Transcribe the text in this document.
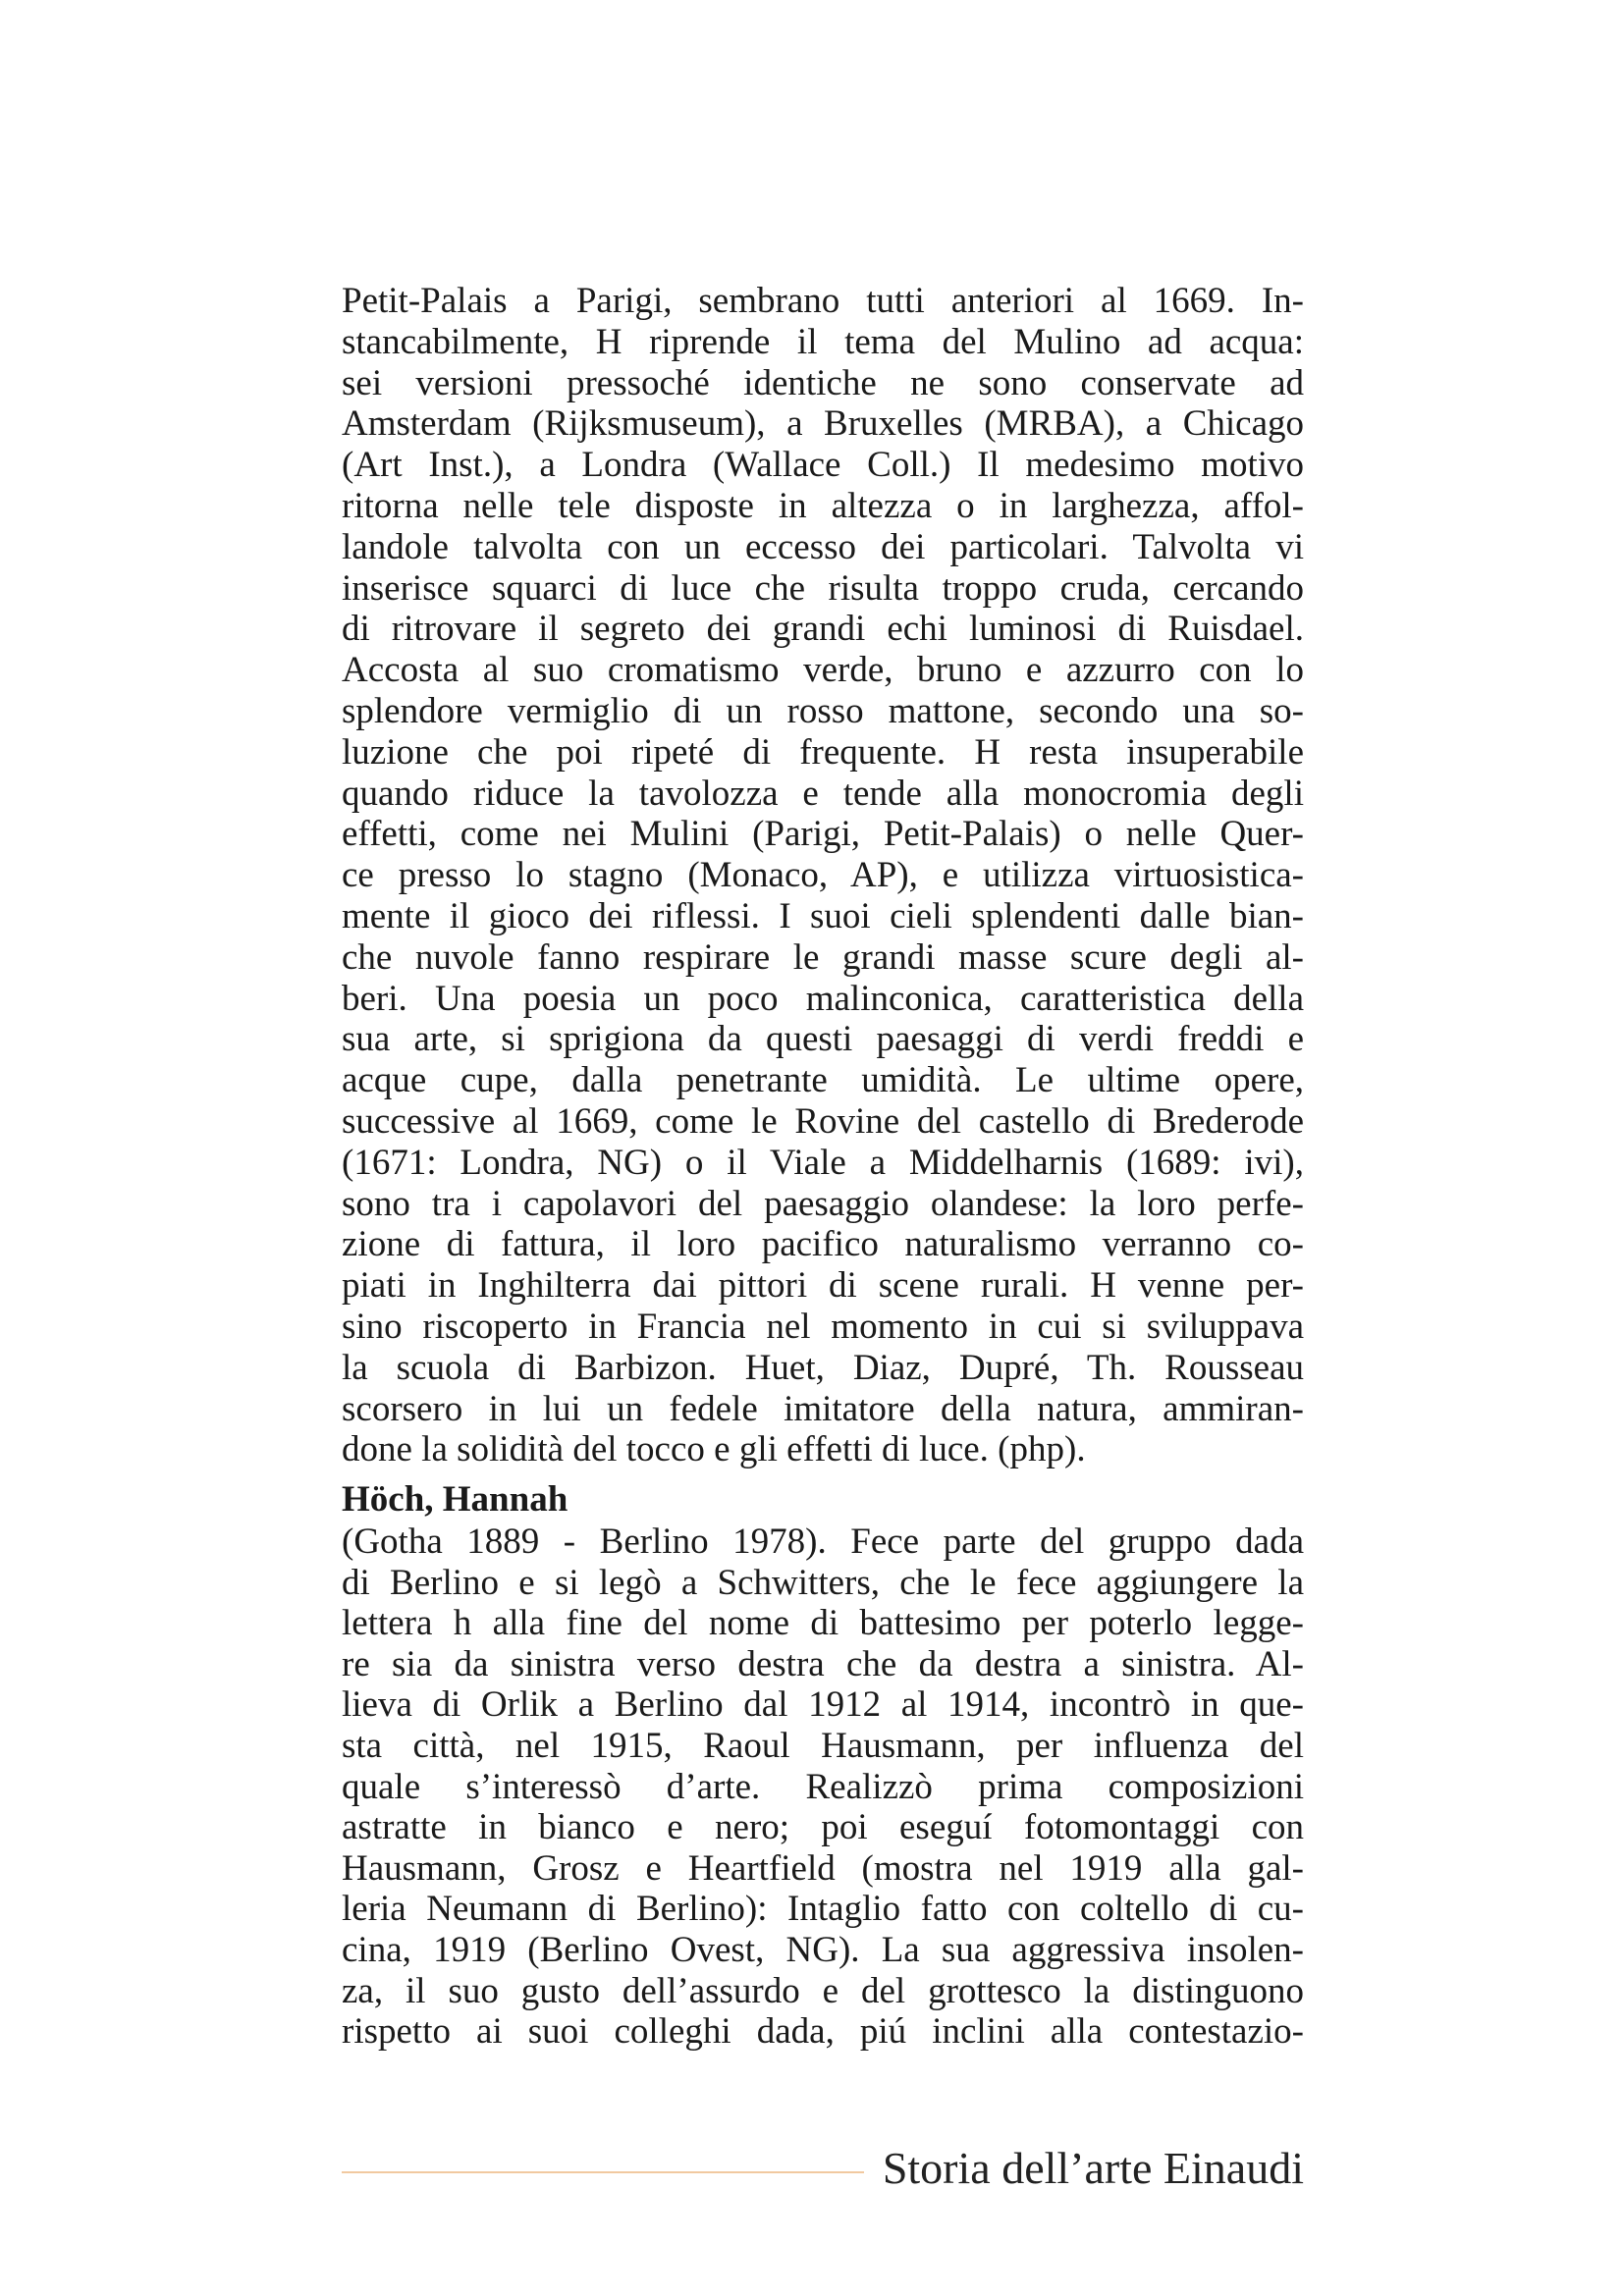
Petit-Palais a Parigi, sembrano tutti anteriori al 1669. In-
stancabilmente, H riprende il tema del Mulino ad acqua:
sei versioni pressoché identiche ne sono conservate ad
Amsterdam (Rijksmuseum), a Bruxelles (MRBA), a Chicago
(Art Inst.), a Londra (Wallace Coll.) Il medesimo motivo
ritorna nelle tele disposte in altezza o in larghezza, affol-
landole talvolta con un eccesso dei particolari. Talvolta vi
inserisce squarci di luce che risulta troppo cruda, cercando
di ritrovare il segreto dei grandi echi luminosi di Ruisdael.
Accosta al suo cromatismo verde, bruno e azzurro con lo
splendore vermiglio di un rosso mattone, secondo una so-
luzione che poi ripeté di frequente. H resta insuperabile
quando riduce la tavolozza e tende alla monocromia degli
effetti, come nei Mulini (Parigi, Petit-Palais) o nelle Quer-
ce presso lo stagno (Monaco, AP), e utilizza virtuosistica-
mente il gioco dei riflessi. I suoi cieli splendenti dalle bian-
che nuvole fanno respirare le grandi masse scure degli al-
beri. Una poesia un poco malinconica, caratteristica della
sua arte, si sprigiona da questi paesaggi di verdi freddi e
acque cupe, dalla penetrante umidità. Le ultime opere,
successive al 1669, come le Rovine del castello di Brederode
(1671: Londra, NG) o il Viale a Middelharnis (1689: ivi),
sono tra i capolavori del paesaggio olandese: la loro perfe-
zione di fattura, il loro pacifico naturalismo verranno co-
piati in Inghilterra dai pittori di scene rurali. H venne per-
sino riscoperto in Francia nel momento in cui si sviluppava
la scuola di Barbizon. Huet, Diaz, Dupré, Th. Rousseau
scorsero in lui un fedele imitatore della natura, ammiran-
done la solidità del tocco e gli effetti di luce. (php).
Höch, Hannah
(Gotha 1889 - Berlino 1978). Fece parte del gruppo dada
di Berlino e si legò a Schwitters, che le fece aggiungere la
lettera h alla fine del nome di battesimo per poterlo legge-
re sia da sinistra verso destra che da destra a sinistra. Al-
lieva di Orlik a Berlino dal 1912 al 1914, incontrò in que-
sta città, nel 1915, Raoul Hausmann, per influenza del
quale s’interessò d’arte. Realizzò prima composizioni
astratte in bianco e nero; poi eseguí fotomontaggi con
Hausmann, Grosz e Heartfield (mostra nel 1919 alla gal-
leria Neumann di Berlino): Intaglio fatto con coltello di cu-
cina, 1919 (Berlino Ovest, NG). La sua aggressiva insolen-
za, il suo gusto dell’assurdo e del grottesco la distinguono
rispetto ai suoi colleghi dada, piú inclini alla contestazio-
Storia dell’arte Einaudi
